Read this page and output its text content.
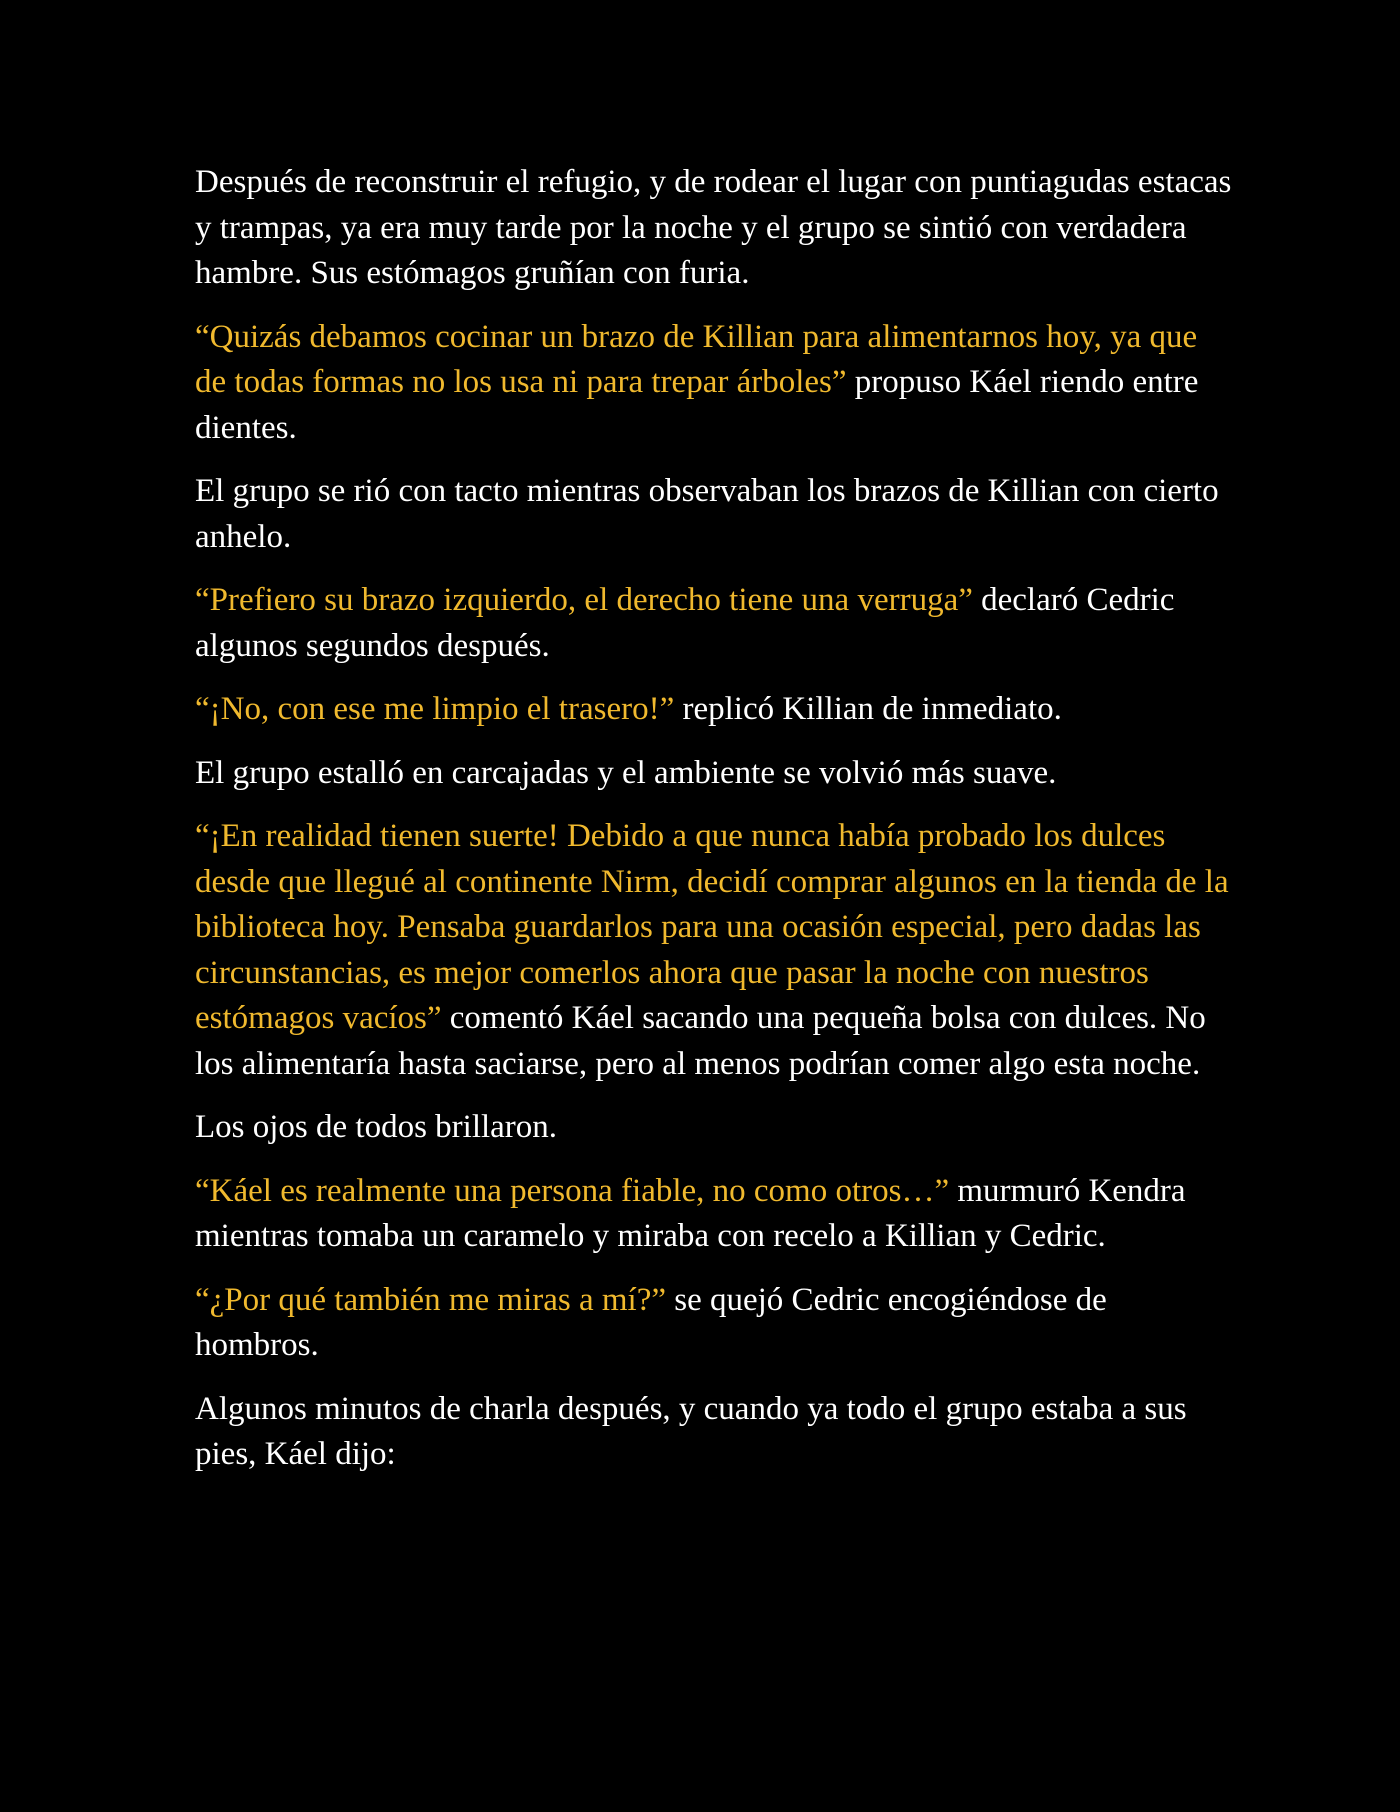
Después de reconstruir el refugio, y de rodear el lugar con puntiagudas estacas y trampas, ya era muy tarde por la noche y el grupo se sintió con verdadera hambre. Sus estómagos gruñían con furia.

“Quizás debamos cocinar un brazo de Killian para alimentarnos hoy, ya que de todas formas no los usa ni para trepar árboles” propuso Káel riendo entre dientes.

El grupo se rió con tacto mientras observaban los brazos de Killian con cierto anhelo.

“Prefiero su brazo izquierdo, el derecho tiene una verruga” declaró Cedric algunos segundos después.

“¡No, con ese me limpio el trasero!” replicó Killian de inmediato.

El grupo estalló en carcajadas y el ambiente se volvió más suave.

“¡En realidad tienen suerte! Debido a que nunca había probado los dulces desde que llegué al continente Nirm, decidí comprar algunos en la tienda de la biblioteca hoy. Pensaba guardarlos para una ocasión especial, pero dadas las circunstancias, es mejor comerlos ahora que pasar la noche con nuestros estómagos vacíos” comentó Káel sacando una pequeña bolsa con dulces. No los alimentaría hasta saciarse, pero al menos podrían comer algo esta noche.

Los ojos de todos brillaron.

“Káel es realmente una persona fiable, no como otros…” murmuró Kendra mientras tomaba un caramelo y miraba con recelo a Killian y Cedric.

“¿Por qué también me miras a mí?” se quejó Cedric encogiéndose de hombros.

Algunos minutos de charla después, y cuando ya todo el grupo estaba a sus pies, Káel dijo:
